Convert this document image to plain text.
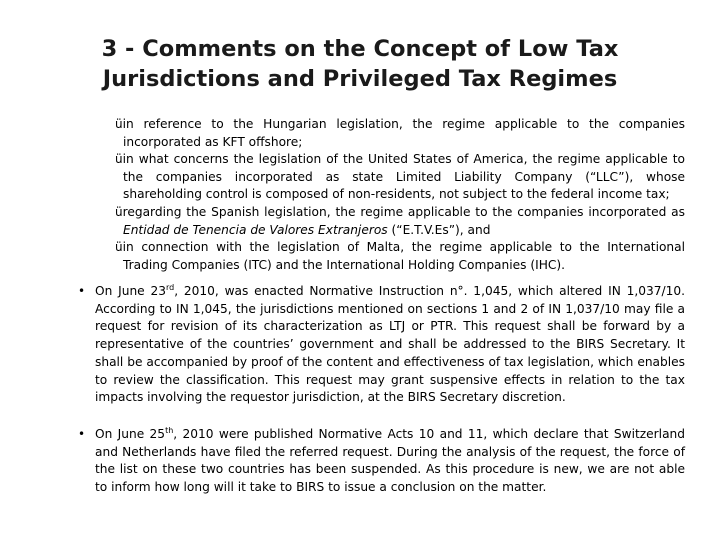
3 - Comments on the Concept of Low Tax
Jurisdictions and Privileged Tax Regimes
üin reference to the Hungarian legislation, the regime applicable to the companies incorporated as KFT offshore;
üin what concerns the legislation of the United States of America, the regime applicable to the companies incorporated as state Limited Liability Company (“LLC”), whose shareholding control is composed of non-residents, not subject to the federal income tax;
üregarding the Spanish legislation, the regime applicable to the companies incorporated as Entidad de Tenencia de Valores Extranjeros (“E.T.V.Es”), and
üin connection with the legislation of Malta, the regime applicable to the International Trading Companies (ITC) and the International Holding Companies (IHC).
• On June 23rd, 2010, was enacted Normative Instruction n°. 1,045, which altered IN 1,037/10. According to IN 1,045, the jurisdictions mentioned on sections 1 and 2 of IN 1,037/10 may file a request for revision of its characterization as LTJ or PTR. This request shall be forward by a representative of the countries’ government and shall be addressed to the BIRS Secretary. It shall be accompanied by proof of the content and effectiveness of tax legislation, which enables to review the classification. This request may grant suspensive effects in relation to the tax impacts involving the requestor jurisdiction, at the BIRS Secretary discretion.
• On June 25th, 2010 were published Normative Acts 10 and 11, which declare that Switzerland and Netherlands have filed the referred request. During the analysis of the request, the force of the list on these two countries has been suspended. As this procedure is new, we are not able to inform how long will it take to BIRS to issue a conclusion on the matter.
